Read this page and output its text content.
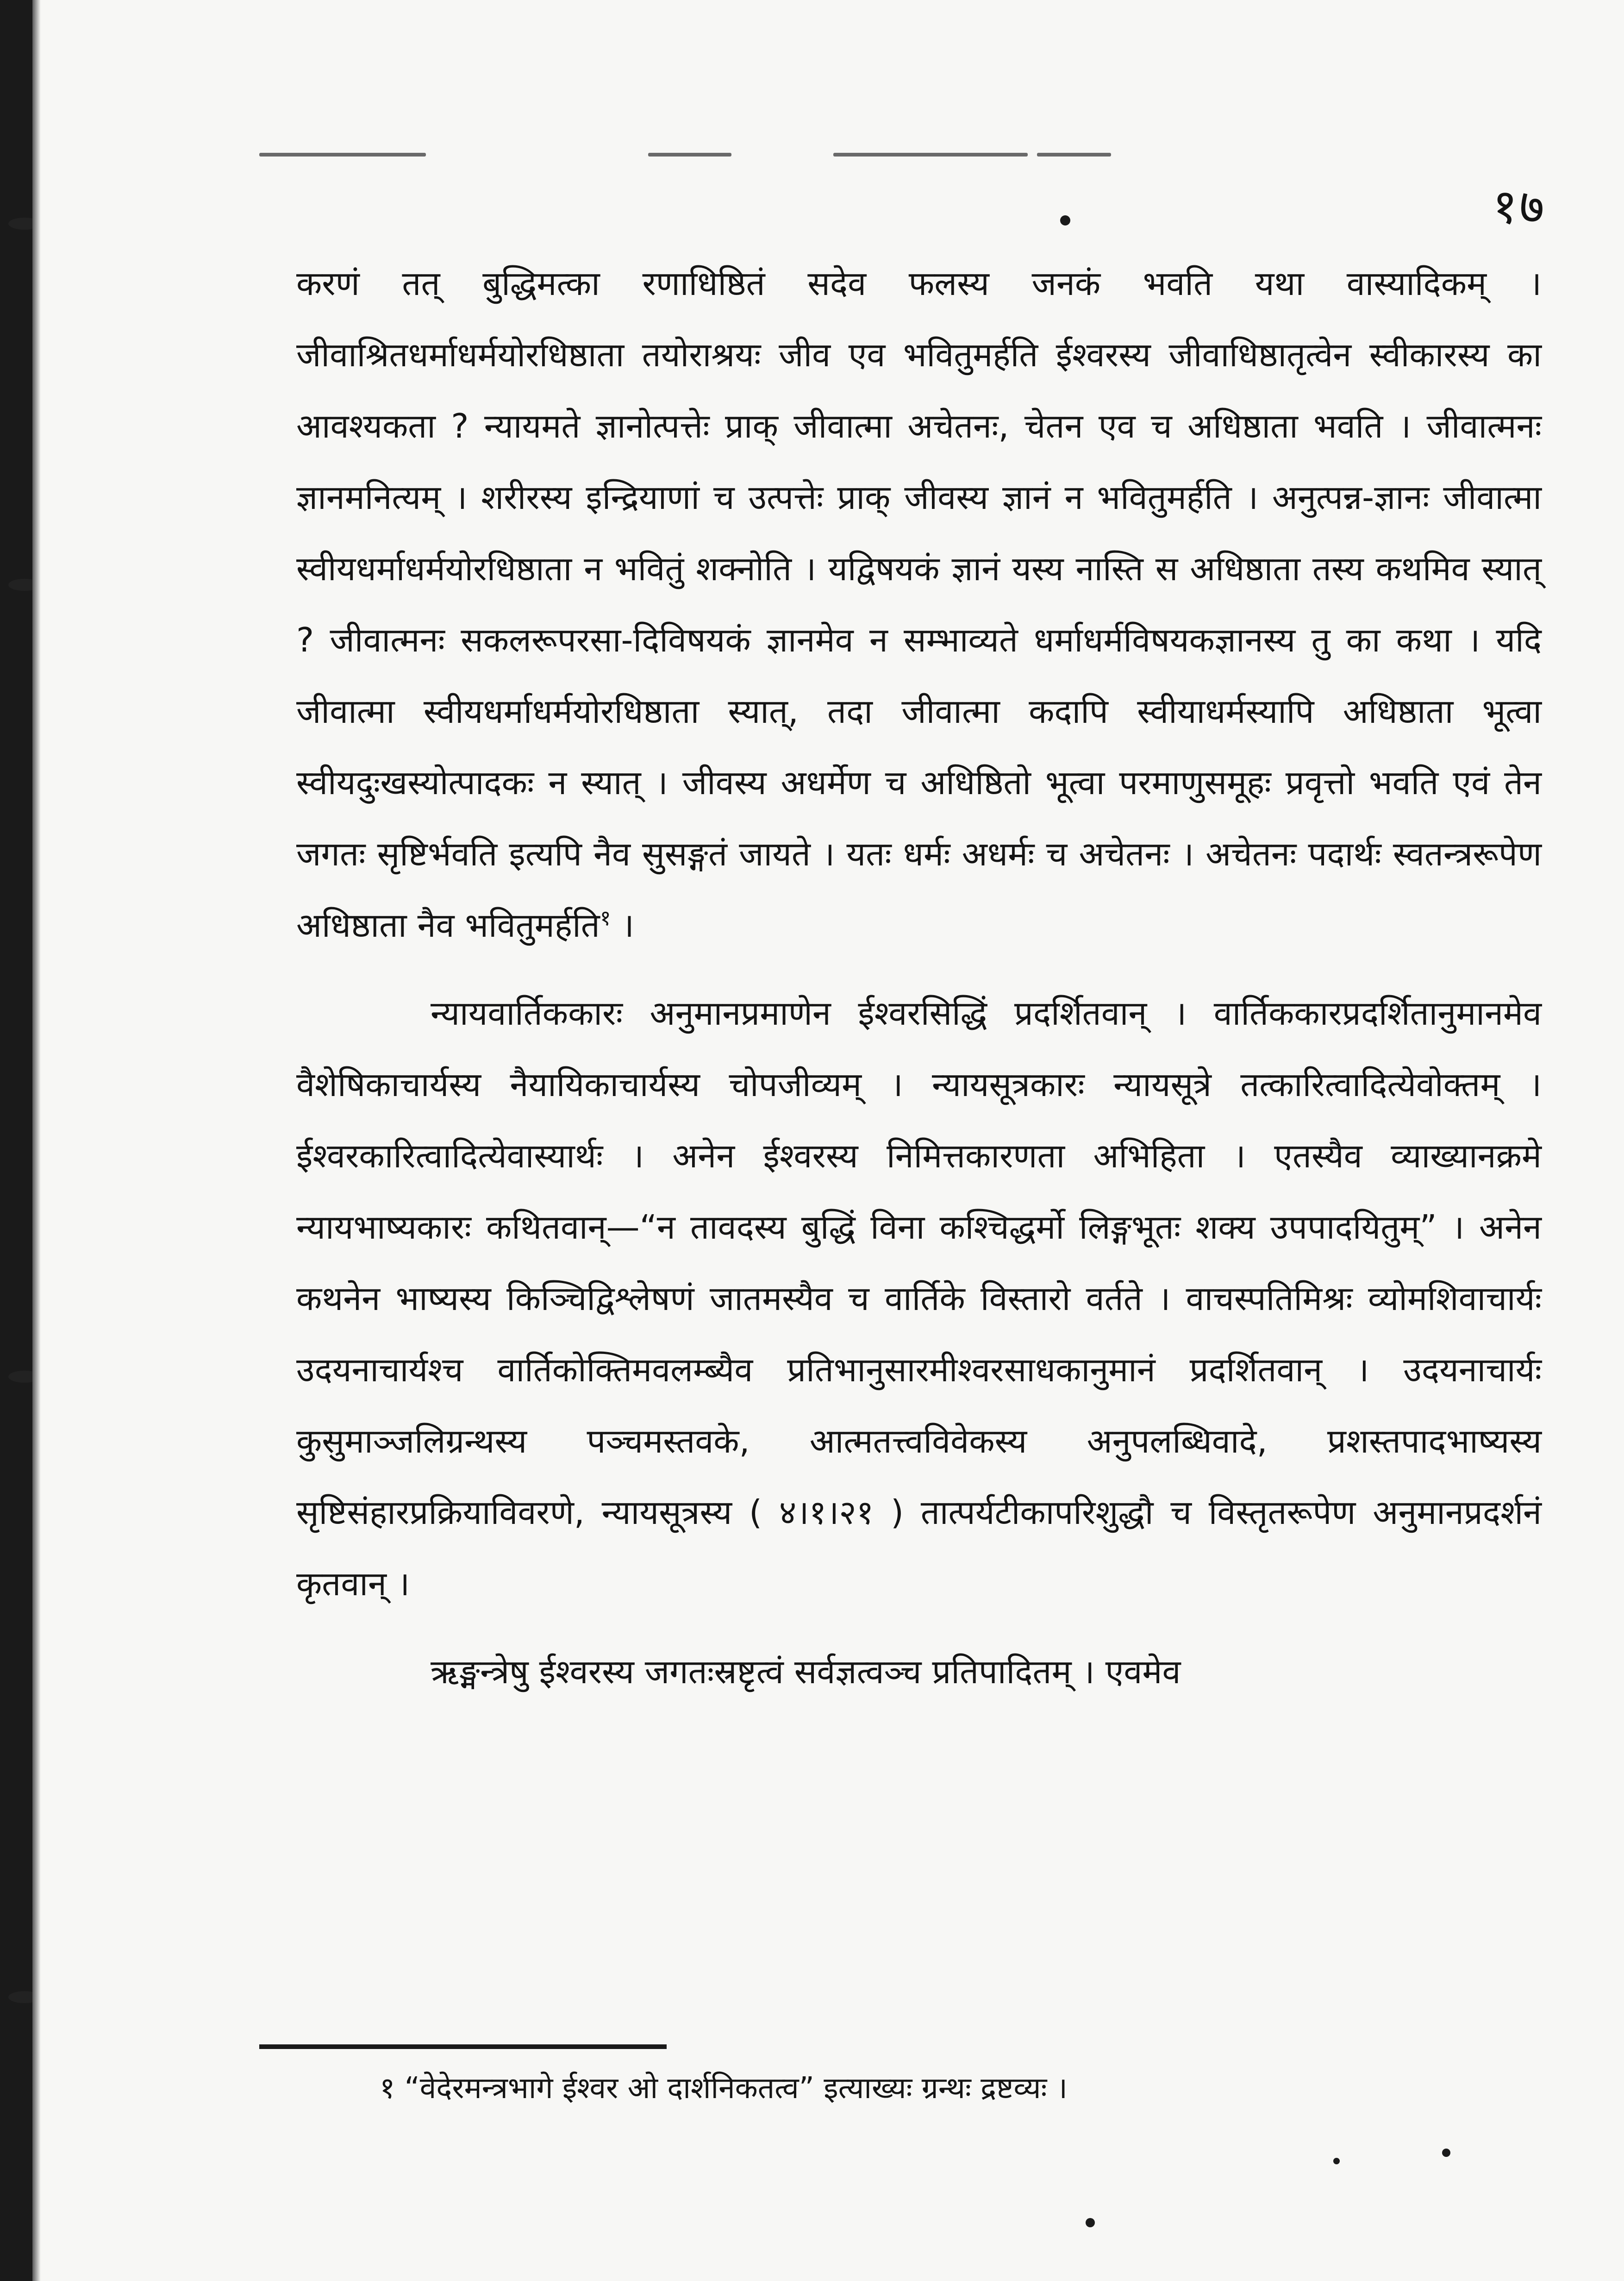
१७

करणं तत् बुद्धिमत्का रणाधिष्ठितं सदेव फलस्य जनकं भवति यथा वास्यादिकम् । जीवाश्रितधर्माधर्मयोरधिष्ठाता तयोराश्रयः जीव एव भवितुमर्हति ईश्वरस्य जीवाधिष्ठातृत्वेन स्वीकारस्य का आवश्यकता ? न्यायमते ज्ञानोत्पत्तेः प्राक् जीवात्मा अचेतनः, चेतन एव च अधिष्ठाता भवति । जीवात्मनः ज्ञानमनित्यम् । शरीरस्य इन्द्रियाणां च उत्पत्तेः प्राक् जीवस्य ज्ञानं न भवितुमर्हति । अनुत्पन्न-ज्ञानः जीवात्मा स्वीयधर्माधर्मयोरधिष्ठाता न भवितुं शक्नोति । यद्विषयकं ज्ञानं यस्य नास्ति स अधिष्ठाता तस्य कथमिव स्यात् ? जीवात्मनः सकलरूपरसा-दिविषयकं ज्ञानमेव न सम्भाव्यते धर्माधर्मविषयकज्ञानस्य तु का कथा । यदि जीवात्मा स्वीयधर्माधर्मयोरधिष्ठाता स्यात्, तदा जीवात्मा कदापि स्वीयाधर्मस्यापि अधिष्ठाता भूत्वा स्वीयदुःखस्योत्पादकः न स्यात् । जीवस्य अधर्मेण च अधिष्ठितो भूत्वा परमाणुसमूहः प्रवृत्तो भवति एवं तेन जगतः सृष्टिर्भवति इत्यपि नैव सुसङ्गतं जायते । यतः धर्मः अधर्मः च अचेतनः । अचेतनः पदार्थः स्वतन्त्ररूपेण अधिष्ठाता नैव भवितुमर्हति$^१$ ।

न्यायवार्तिककारः अनुमानप्रमाणेन ईश्वरसिद्धिं प्रदर्शितवान् । वार्तिककारप्रदर्शितानुमानमेव वैशेषिकाचार्यस्य नैयायिकाचार्यस्य चोपजीव्यम् । न्यायसूत्रकारः न्यायसूत्रे तत्कारित्वादित्येवोक्तम् । ईश्वरकारित्वादित्येवास्यार्थः । अनेन ईश्वरस्य निमित्तकारणता अभिहिता । एतस्यैव व्याख्यानक्रमे न्यायभाष्यकारः कथितवान्—“न तावदस्य बुद्धिं विना कश्चिद्धर्मो लिङ्गभूतः शक्य उपपादयितुम्” । अनेन कथनेन भाष्यस्य किञ्चिद्विश्लेषणं जातमस्यैव च वार्तिके विस्तारो वर्तते । वाचस्पतिमिश्रः व्योमशिवाचार्यः उदयनाचार्यश्च वार्तिकोक्तिमवलम्ब्यैव प्रतिभानुसारमीश्वरसाधकानुमानं प्रदर्शितवान् । उदयनाचार्यः कुसुमाञ्जलिग्रन्थस्य पञ्चमस्तवके, आत्मतत्त्वविवेकस्य अनुपलब्धिवादे, प्रशस्तपादभाष्यस्य सृष्टिसंहारप्रक्रियाविवरणे, न्यायसूत्रस्य ( ४।१।२१ ) तात्पर्यटीकापरिशुद्धौ च विस्तृतरूपेण अनुमानप्रदर्शनं कृतवान् ।

ऋङ्मन्त्रेषु ईश्वरस्य जगतःस्रष्टृत्वं सर्वज्ञत्वञ्च प्रतिपादितम् । एवमेव

१ “वेदेरमन्त्रभागे ईश्वर ओ दार्शनिकतत्व” इत्याख्यः ग्रन्थः द्रष्टव्यः ।
